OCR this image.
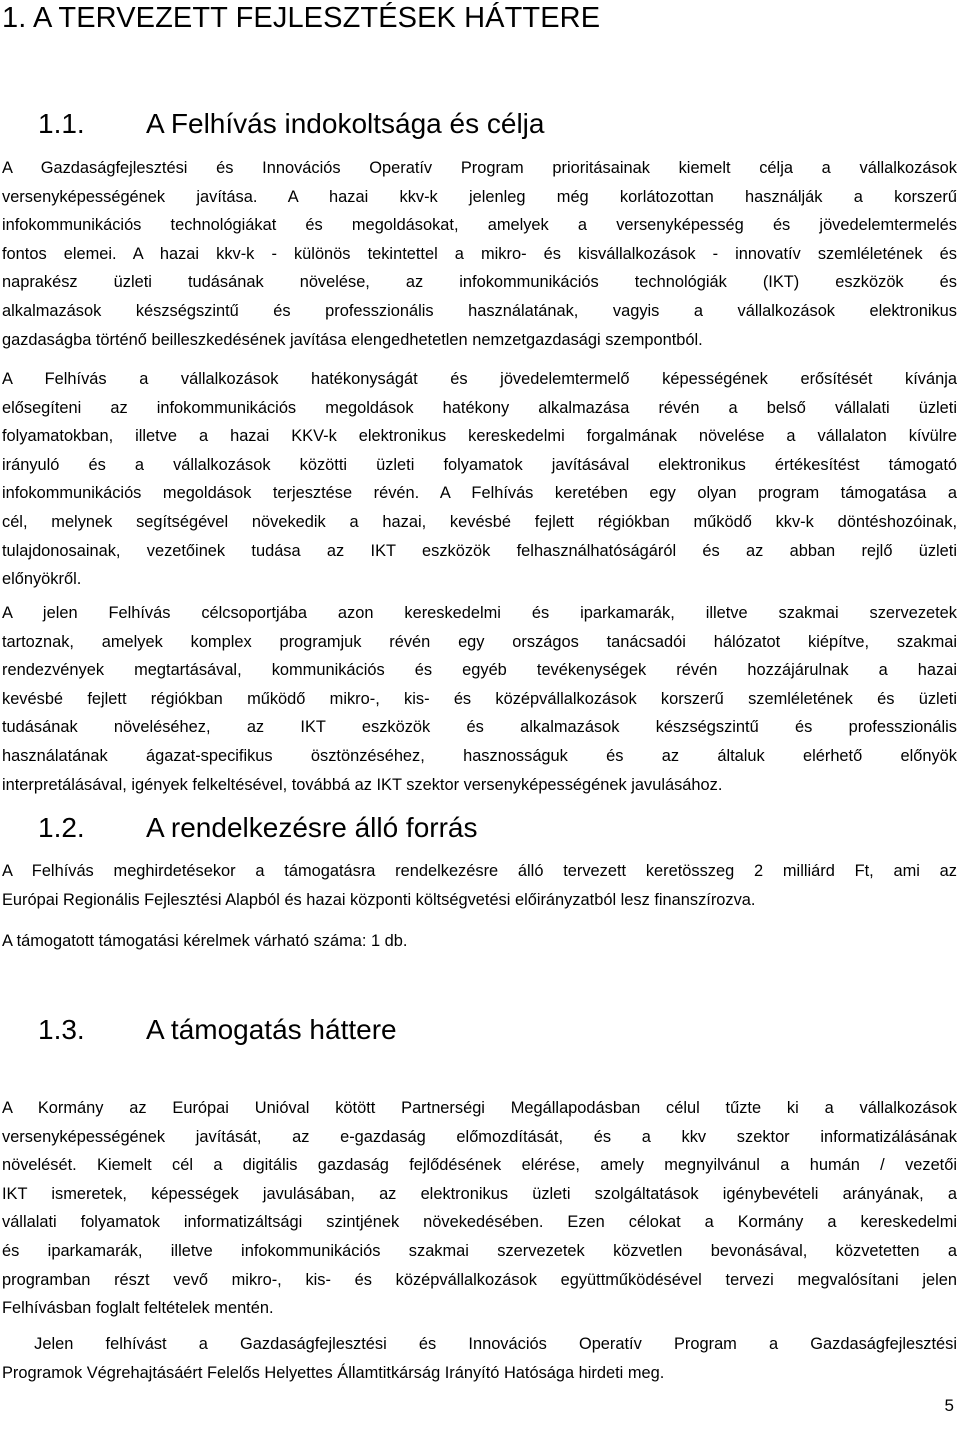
1. A TERVEZETT FEJLESZTÉSEK HÁTTERE
1.1. A Felhívás indokoltsága és célja
A Gazdaságfejlesztési és Innovációs Operatív Program prioritásainak kiemelt célja a vállalkozások
versenyképességének javítása. A hazai kkv-k jelenleg még korlátozottan használják a korszerű
infokommunikációs technológiákat és megoldásokat, amelyek a versenyképesség és jövedelemtermelés
fontos elemei. A hazai kkv-k - különös tekintettel a mikro- és kisvállalkozások - innovatív szemléletének és
naprakész üzleti tudásának növelése, az infokommunikációs technológiák (IKT) eszközök és
alkalmazások készségszintű és professzionális használatának, vagyis a vállalkozások elektronikus
gazdaságba történő beilleszkedésének javítása elengedhetetlen nemzetgazdasági szempontból.
A Felhívás a vállalkozások hatékonyságát és jövedelemtermelő képességének erősítését kívánja
elősegíteni az infokommunikációs megoldások hatékony alkalmazása révén a belső vállalati üzleti
folyamatokban, illetve a hazai KKV-k elektronikus kereskedelmi forgalmának növelése a vállalaton kívülre
irányuló és a vállalkozások közötti üzleti folyamatok javításával elektronikus értékesítést támogató
infokommunikációs megoldások terjesztése révén. A Felhívás keretében egy olyan program támogatása a
cél, melynek segítségével növekedik a hazai, kevésbé fejlett régiókban működő kkv-k döntéshozóinak,
tulajdonosainak, vezetőinek tudása az IKT eszközök felhasználhatóságáról és az abban rejlő üzleti
előnyökről.
A jelen Felhívás célcsoportjába azon kereskedelmi és iparkamarák, illetve szakmai szervezetek
tartoznak, amelyek komplex programjuk révén egy országos tanácsadói hálózatot kiépítve, szakmai
rendezvények megtartásával, kommunikációs és egyéb tevékenységek révén hozzájárulnak a hazai
kevésbé fejlett régiókban működő mikro-, kis- és középvállalkozások korszerű szemléletének és üzleti
tudásának növeléséhez, az IKT eszközök és alkalmazások készségszintű és professzionális
használatának ágazat-specifikus ösztönzéséhez, hasznosságuk és az általuk elérhető előnyök
interpretálásával, igények felkeltésével, továbbá az IKT szektor versenyképességének javulásához.
1.2. A rendelkezésre álló forrás
A Felhívás meghirdetésekor a támogatásra rendelkezésre álló tervezett keretösszeg 2 milliárd Ft, ami az
Európai Regionális Fejlesztési Alapból és hazai központi költségvetési előirányzatból lesz finanszírozva.
A támogatott támogatási kérelmek várható száma: 1 db.
1.3. A támogatás háttere
A Kormány az Európai Unióval kötött Partnerségi Megállapodásban célul tűzte ki a vállalkozások
versenyképességének javítását, az e-gazdaság előmozdítását, és a kkv szektor informatizálásának
növelését. Kiemelt cél a digitális gazdaság fejlődésének elérése, amely megnyilvánul a humán / vezetői
IKT ismeretek, képességek javulásában, az elektronikus üzleti szolgáltatások igénybevételi arányának, a
vállalati folyamatok informatizáltsági szintjének növekedésében. Ezen célokat a Kormány a kereskedelmi
és iparkamarák, illetve infokommunikációs szakmai szervezetek közvetlen bevonásával, közvetetten a
programban részt vevő mikro-, kis- és középvállalkozások együttműködésével tervezi megvalósítani jelen
Felhívásban foglalt feltételek mentén.
Jelen felhívást a Gazdaságfejlesztési és Innovációs Operatív Program a Gazdaságfejlesztési
Programok Végrehajtásáért Felelős Helyettes Államtitkárság Irányító Hatósága hirdeti meg.
5
